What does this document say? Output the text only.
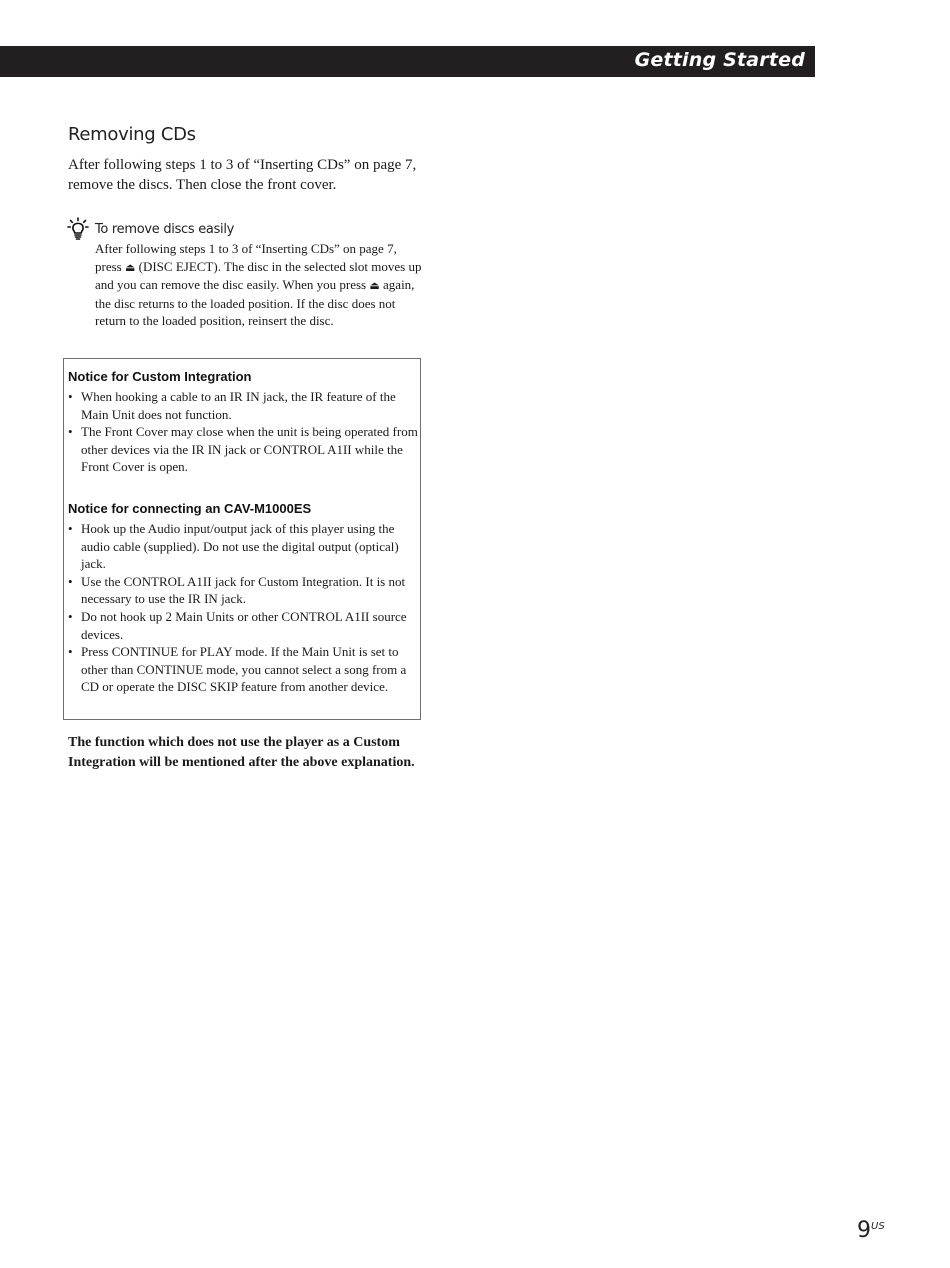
Getting Started
Removing CDs

After following steps 1 to 3 of “Inserting CDs” on page 7, remove the discs. Then close the front cover.

To remove discs easily

After following steps 1 to 3 of “Inserting CDs” on page 7, press ⏏ (DISC EJECT). The disc in the selected slot moves up and you can remove the disc easily. When you press ⏏ again, the disc returns to the loaded position. If the disc does not return to the loaded position, reinsert the disc.

Notice for Custom Integration
• When hooking a cable to an IR IN jack, the IR feature of the Main Unit does not function.
• The Front Cover may close when the unit is being operated from other devices via the IR IN jack or CONTROL A1II while the Front Cover is open.
Notice for connecting an CAV-M1000ES
• Hook up the Audio input/output jack of this player using the audio cable (supplied). Do not use the digital output (optical) jack.
• Use the CONTROL A1II jack for Custom Integration. It is not necessary to use the IR IN jack.
• Do not hook up 2 Main Units or other CONTROL A1II source devices.
• Press CONTINUE for PLAY mode. If the Main Unit is set to other than CONTINUE mode, you cannot select a song from a CD or operate the DISC SKIP feature from another device.

The function which does not use the player as a Custom Integration will be mentioned after the above explanation.

9 US
